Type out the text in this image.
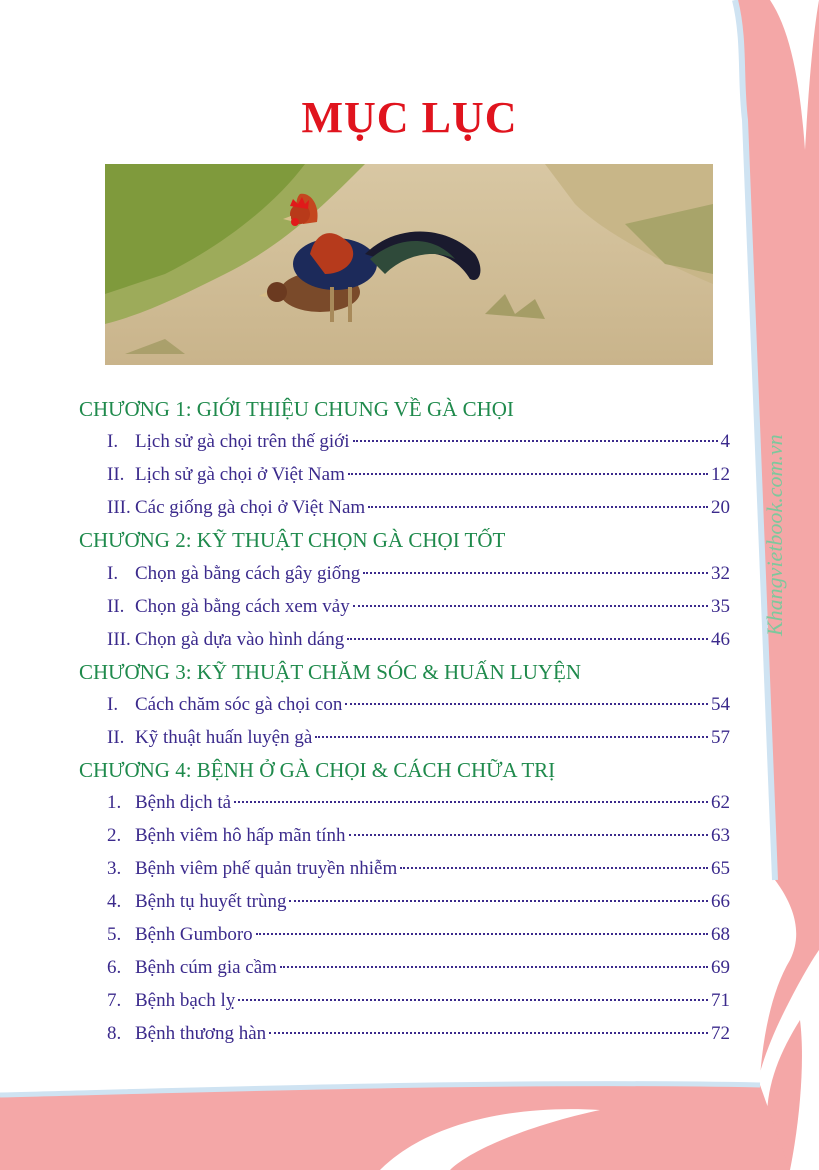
MỤC LỤC
CHƯƠNG 1: GIỚI THIỆU CHUNG VỀ GÀ CHỌI
I. Lịch sử gà chọi trên thế giới	4
II. Lịch sử gà chọi ở Việt Nam	12
III. Các giống gà chọi ở Việt Nam	20
CHƯƠNG 2: KỸ THUẬT CHỌN GÀ CHỌI TỐT
I. Chọn gà bằng cách gây giống	32
II. Chọn gà bằng cách xem vảy	35
III. Chọn gà dựa vào hình dáng	46
CHƯƠNG 3: KỸ THUẬT CHĂM SÓC & HUẤN LUYỆN
I. Cách chăm sóc gà chọi con	54
II. Kỹ thuật huấn luyện gà	57
CHƯƠNG 4: BỆNH Ở GÀ CHỌI & CÁCH CHỮA TRỊ
1. Bệnh dịch tả	62
2. Bệnh viêm hô hấp mãn tính	63
3. Bệnh viêm phế quản truyền nhiễm	65
4. Bệnh tụ huyết trùng	66
5. Bệnh Gumboro	68
6. Bệnh cúm gia cầm	69
7. Bệnh bạch lỵ	71
8. Bệnh thương hàn	72
Khangvietbook.com.vn
